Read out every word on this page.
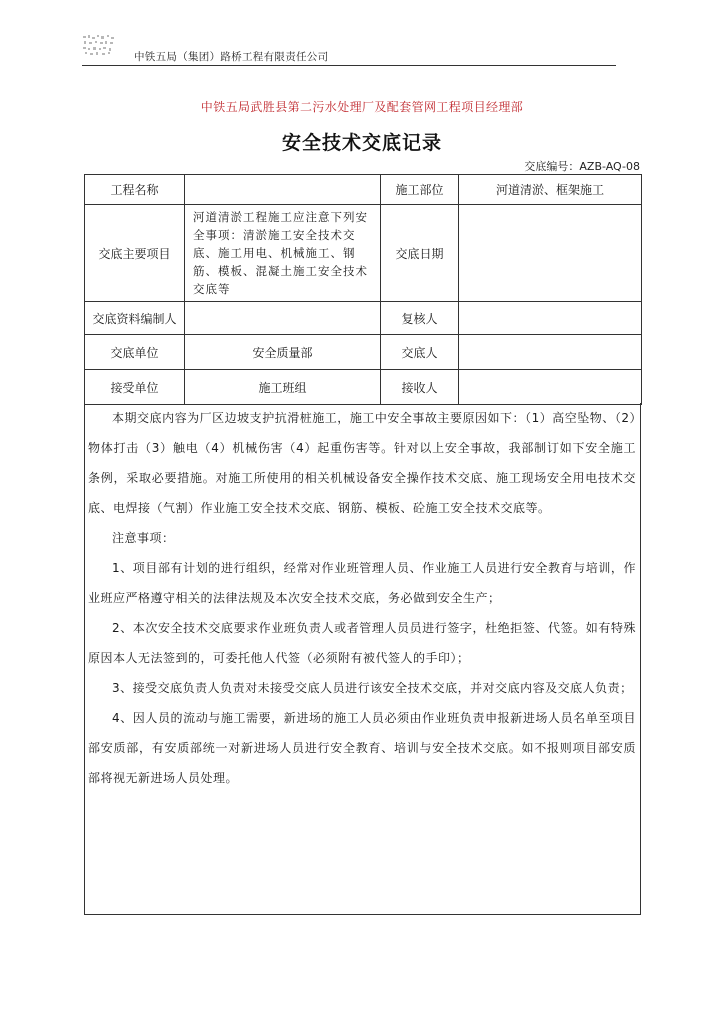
中铁五局（集团）路桥工程有限责任公司
中铁五局武胜县第二污水处理厂及配套管网工程项目经理部
安全技术交底记录
交底编号：AZB-AQ-08
工程名称		施工部位	河道清淤、框架施工
交底主要项目	河道清淤工程施工应注意下列安全事项：清淤施工安全技术交底、施工用电、机械施工、钢筋、模板、混凝土施工安全技术交底等	交底日期	
交底资料编制人		复核人	
交底单位	安全质量部	交底人	
接受单位	施工班组	接收人	

本期交底内容为厂区边坡支护抗滑桩施工，施工中安全事故主要原因如下：（1）高空坠物、（2）物体打击（3）触电（4）机械伤害（4）起重伤害等。针对以上安全事故，我部制订如下安全施工条例，采取必要措施。对施工所使用的相关机械设备安全操作技术交底、施工现场安全用电技术交底、电焊接（气割）作业施工安全技术交底、钢筋、模板、砼施工安全技术交底等。

注意事项：

1、项目部有计划的进行组织，经常对作业班管理人员、作业施工人员进行安全教育与培训，作业班应严格遵守相关的法律法规及本次安全技术交底，务必做到安全生产；

2、本次安全技术交底要求作业班负责人或者管理人员员进行签字，杜绝拒签、代签。如有特殊原因本人无法签到的，可委托他人代签（必须附有被代签人的手印）；

3、接受交底负责人负责对未接受交底人员进行该安全技术交底，并对交底内容及交底人负责；

4、因人员的流动与施工需要，新进场的施工人员必须由作业班负责申报新进场人员名单至项目部安质部，有安质部统一对新进场人员进行安全教育、培训与安全技术交底。如不报则项目部安质部将视无新进场人员处理。
